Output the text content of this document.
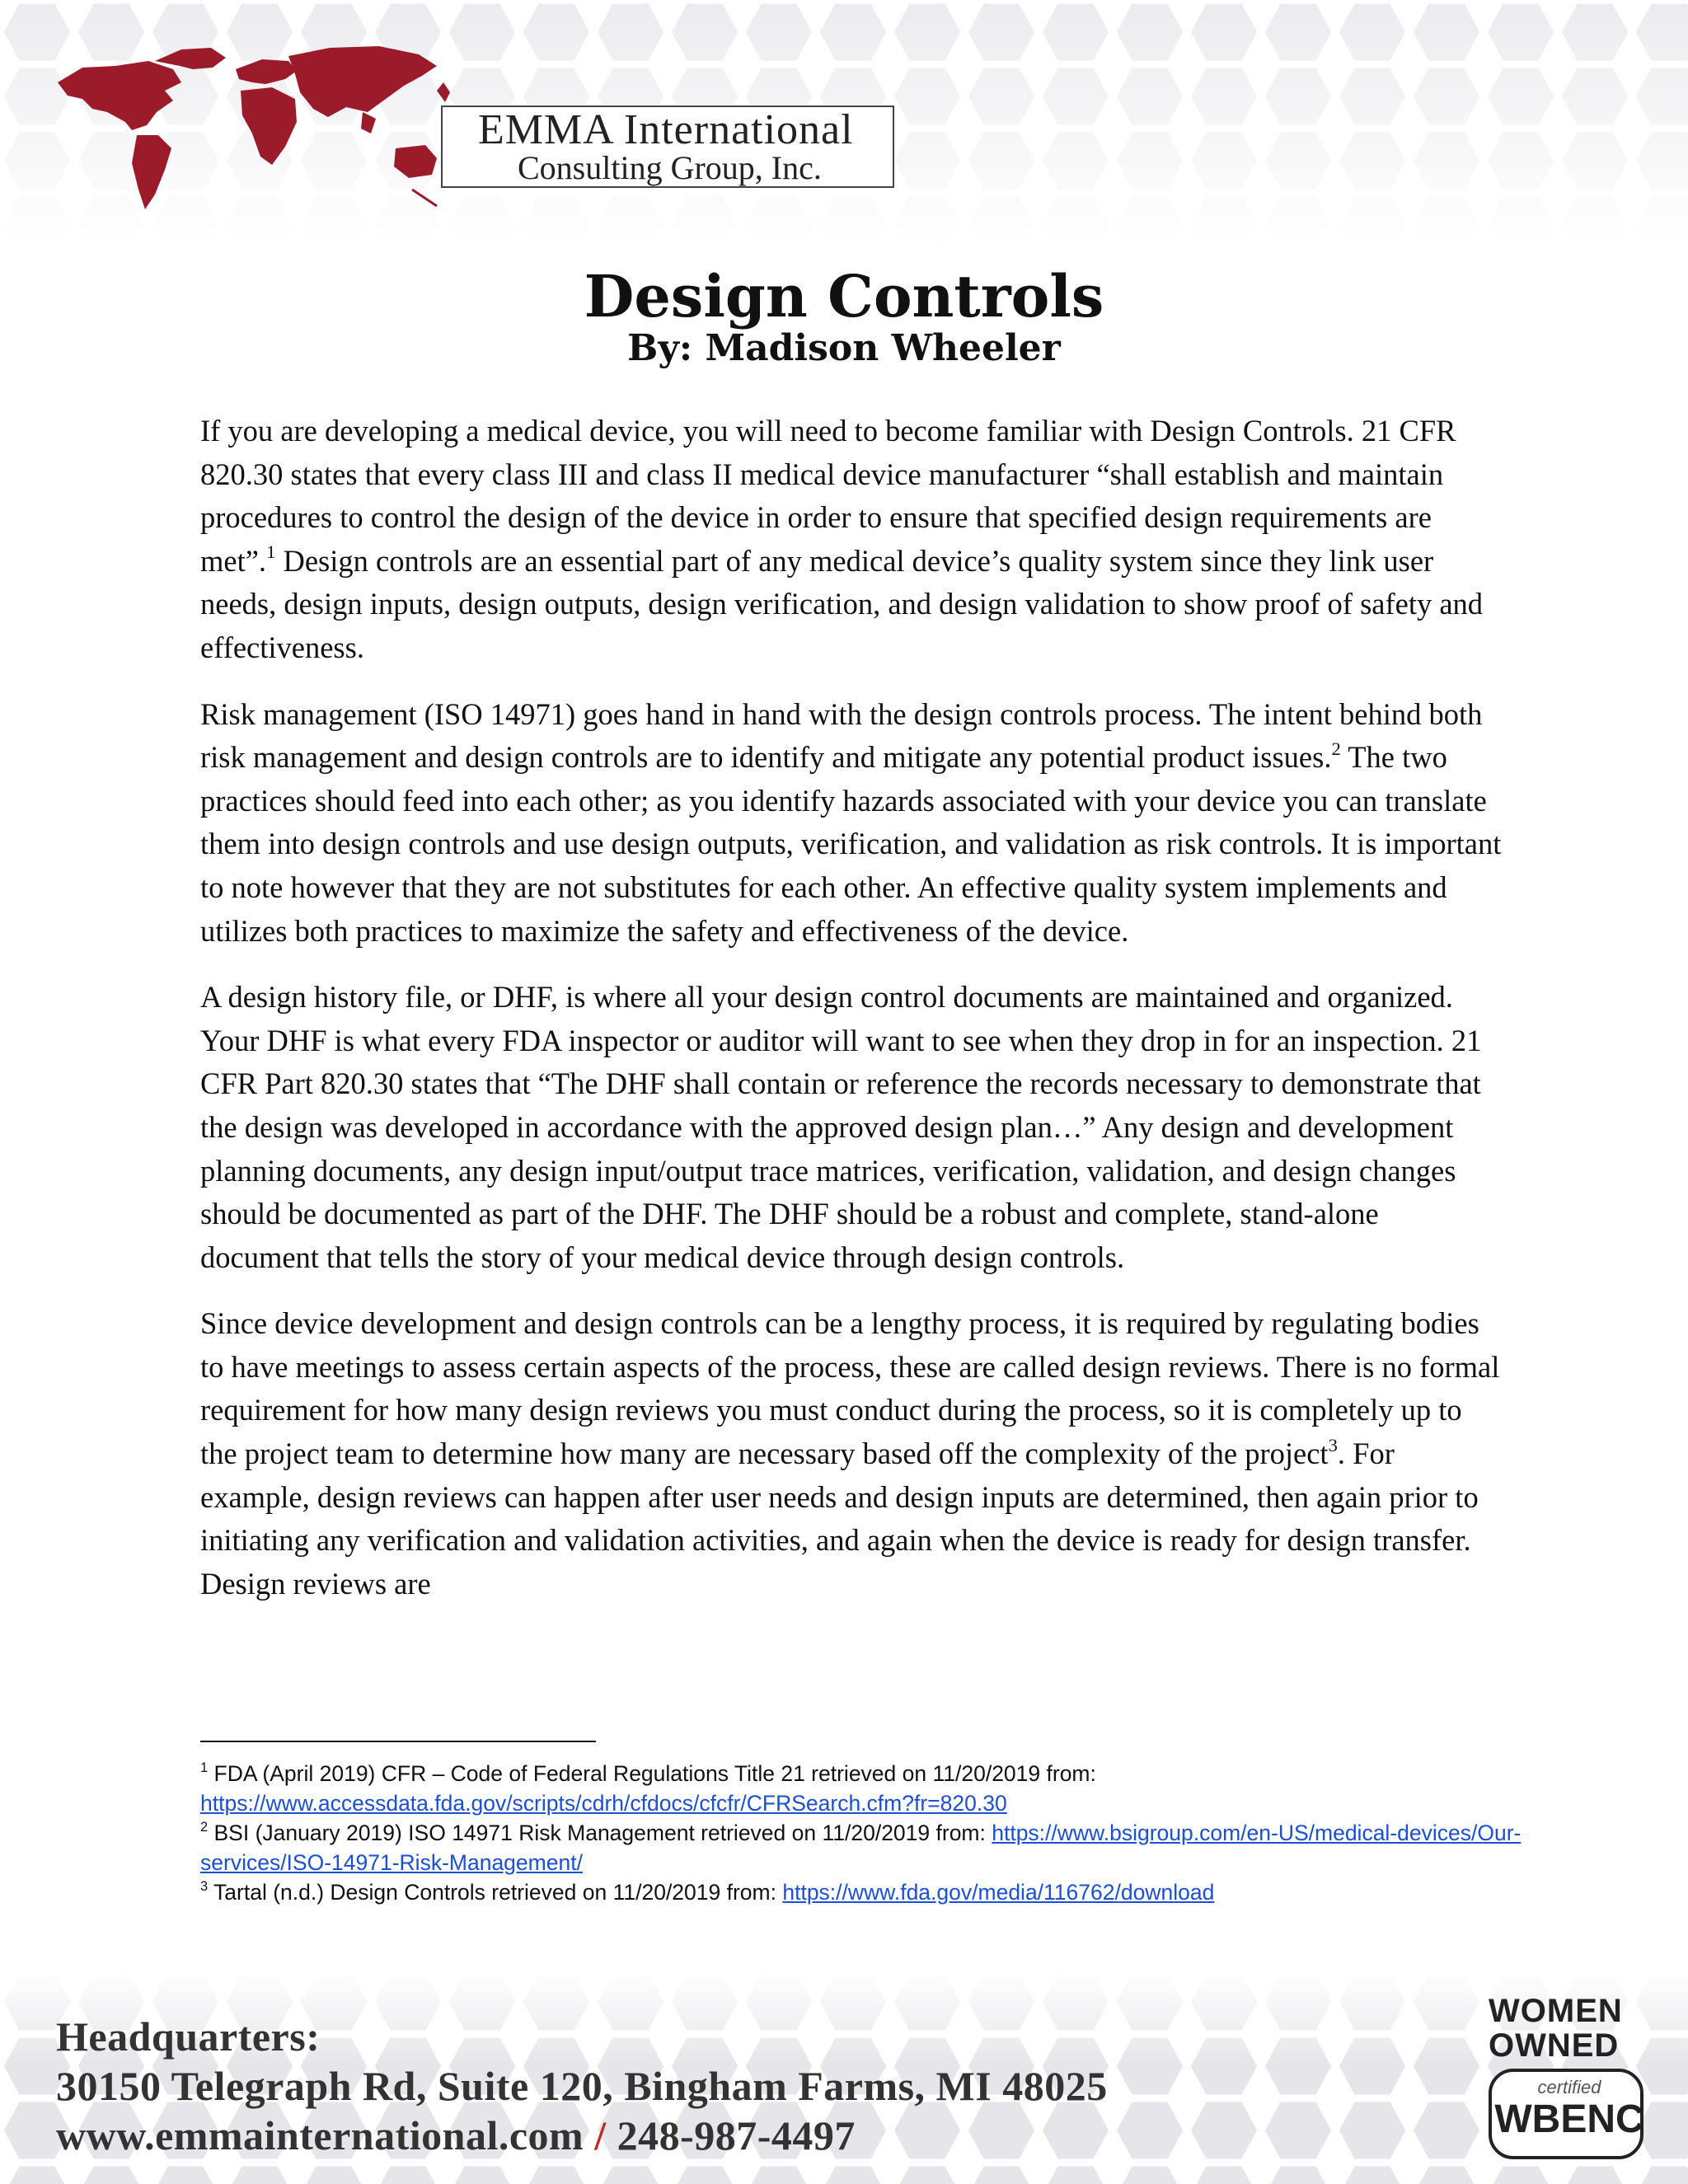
EMMA International
Consulting Group, Inc.
Design Controls
By: Madison Wheeler

If you are developing a medical device, you will need to become familiar with Design Controls. 21 CFR 820.30 states that every class III and class II medical device manufacturer “shall establish and maintain procedures to control the design of the device in order to ensure that specified design requirements are met”.$^1$ Design controls are an essential part of any medical device’s quality system since they link user needs, design inputs, design outputs, design verification, and design validation to show proof of safety and effectiveness.

Risk management (ISO 14971) goes hand in hand with the design controls process. The intent behind both risk management and design controls are to identify and mitigate any potential product issues.$^2$ The two practices should feed into each other; as you identify hazards associated with your device you can translate them into design controls and use design outputs, verification, and validation as risk controls. It is important to note however that they are not substitutes for each other. An effective quality system implements and utilizes both practices to maximize the safety and effectiveness of the device.

A design history file, or DHF, is where all your design control documents are maintained and organized. Your DHF is what every FDA inspector or auditor will want to see when they drop in for an inspection. 21 CFR Part 820.30 states that “The DHF shall contain or reference the records necessary to demonstrate that the design was developed in accordance with the approved design plan…” Any design and development planning documents, any design input/output trace matrices, verification, validation, and design changes should be documented as part of the DHF. The DHF should be a robust and complete, stand-alone document that tells the story of your medical device through design controls.

Since device development and design controls can be a lengthy process, it is required by regulating bodies to have meetings to assess certain aspects of the process, these are called design reviews. There is no formal requirement for how many design reviews you must conduct during the process, so it is completely up to the project team to determine how many are necessary based off the complexity of the project$^3$. For example, design reviews can happen after user needs and design inputs are determined, then again prior to initiating any verification and validation activities, and again when the device is ready for design transfer. Design reviews are

$^1$ FDA (April 2019) CFR – Code of Federal Regulations Title 21 retrieved on 11/20/2019 from: https://www.accessdata.fda.gov/scripts/cdrh/cfdocs/cfcfr/CFRSearch.cfm?fr=820.30

$^2$ BSI (January 2019) ISO 14971 Risk Management retrieved on 11/20/2019 from: https://www.bsigroup.com/en-US/medical-devices/Our-services/ISO-14971-Risk-Management/

$^3$ Tartal (n.d.) Design Controls retrieved on 11/20/2019 from: https://www.fda.gov/media/116762/download

Headquarters:
30150 Telegraph Rd, Suite 120, Bingham Farms, MI 48025
www.emmainternational.com / 248-987-4497
WOMEN
OWNED
certified
WBENC
